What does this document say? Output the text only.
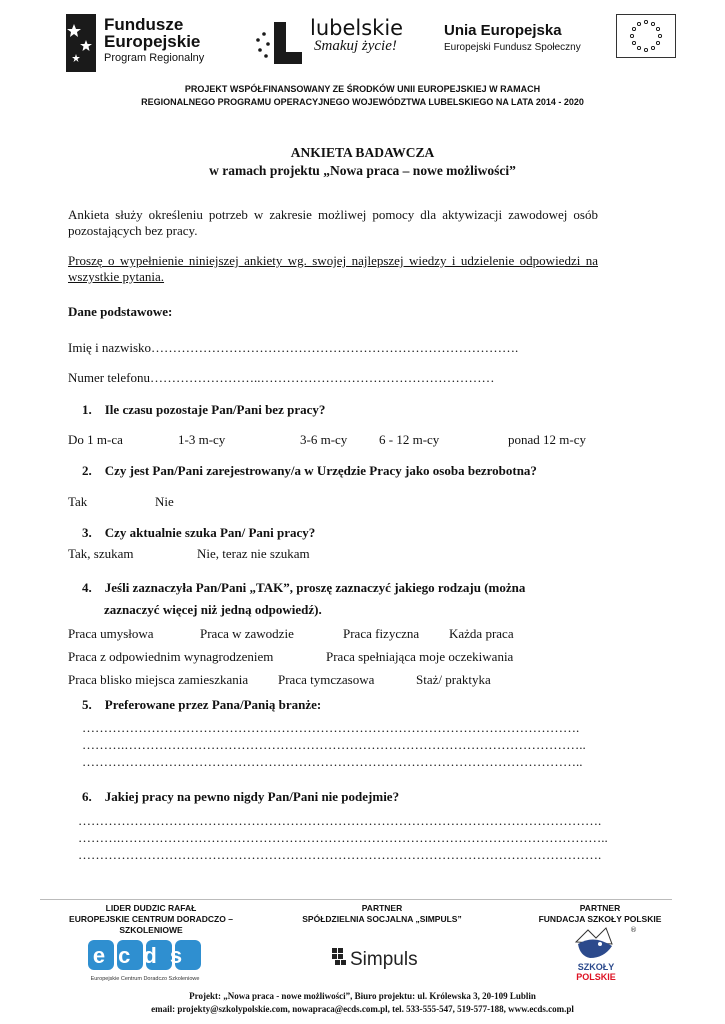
Fundusze
Europejskie
Program Regionalny
lubelskie
Smakuj życie!
Unia Europejska
Europejski Fundusz Społeczny
PROJEKT WSPÓŁFINANSOWANY ZE ŚRODKÓW UNII EUROPEJSKIEJ W RAMACH
REGIONALNEGO PROGRAMU OPERACYJNEGO WOJEWÓDZTWA LUBELSKIEGO NA LATA 2014 - 2020
ANKIETA BADAWCZA
w ramach projektu „Nowa praca – nowe możliwości”
Ankieta służy określeniu potrzeb w zakresie możliwej pomocy dla aktywizacji zawodowej osób pozostających bez pracy.
Proszę o wypełnienie niniejszej ankiety wg. swojej najlepszej wiedzy i udzielenie odpowiedzi na wszystkie pytania.
Dane podstawowe:
Imię i nazwisko………………………………………………………………………….
Numer telefonu……………………..………………………………………………
1.    Ile czasu pozostaje Pan/Pani bez pracy?
Do 1 m-ca	1-3 m-cy	3-6 m-cy 6 - 12 m-cy	ponad 12 m-cy
2.    Czy jest Pan/Pani zarejestrowany/a w Urzędzie Pracy jako osoba bezrobotna?
Tak	Nie
3.    Czy aktualnie szuka Pan/ Pani pracy?
Tak, szukam	Nie, teraz nie szukam
4.    Jeśli zaznaczyła Pan/Pani „TAK”, proszę zaznaczyć jakiego rodzaju (można
zaznaczyć więcej niż jedną odpowiedź).
Praca umysłowa	Praca w zawodzie	Praca fizyczna Każda praca
Praca z odpowiednim wynagrodzeniem	Praca spełniająca moje oczekiwania
Praca blisko miejsca zamieszkania Praca tymczasowa	Staż/ praktyka
5.    Preferowane przez Pana/Panią branże:
…………………………………………………………………………………………………….
……….……………………………………………………………………………………………..
……………………………………………………………………………………………………..
6.    Jakiej pracy na pewno nigdy Pan/Pani nie podejmie?
………………………………………………………………………………………………………….
……….…………………………………………………………………………………………………..
………………………………………………………………………………………………………….
LIDER DUDZIC RAFAŁ
EUROPEJSKIE CENTRUM DORADCZO – SZKOLENIOWE
PARTNER
SPÓŁDZIELNIA SOCJALNA „SIMPULS”
PARTNER
FUNDACJA SZKOŁY POLSKIE
ecds
Europejskie Centrum Doradczo Szkoleniowe
Simpuls
®
SZKOŁY
POLSKIE
Projekt: „Nowa praca - nowe możliwości”, Biuro projektu: ul. Królewska 3, 20-109 Lublin
email: projekty@szkolypolskie.com, nowapraca@ecds.com.pl, tel. 533-555-547, 519-577-188, www.ecds.com.pl
